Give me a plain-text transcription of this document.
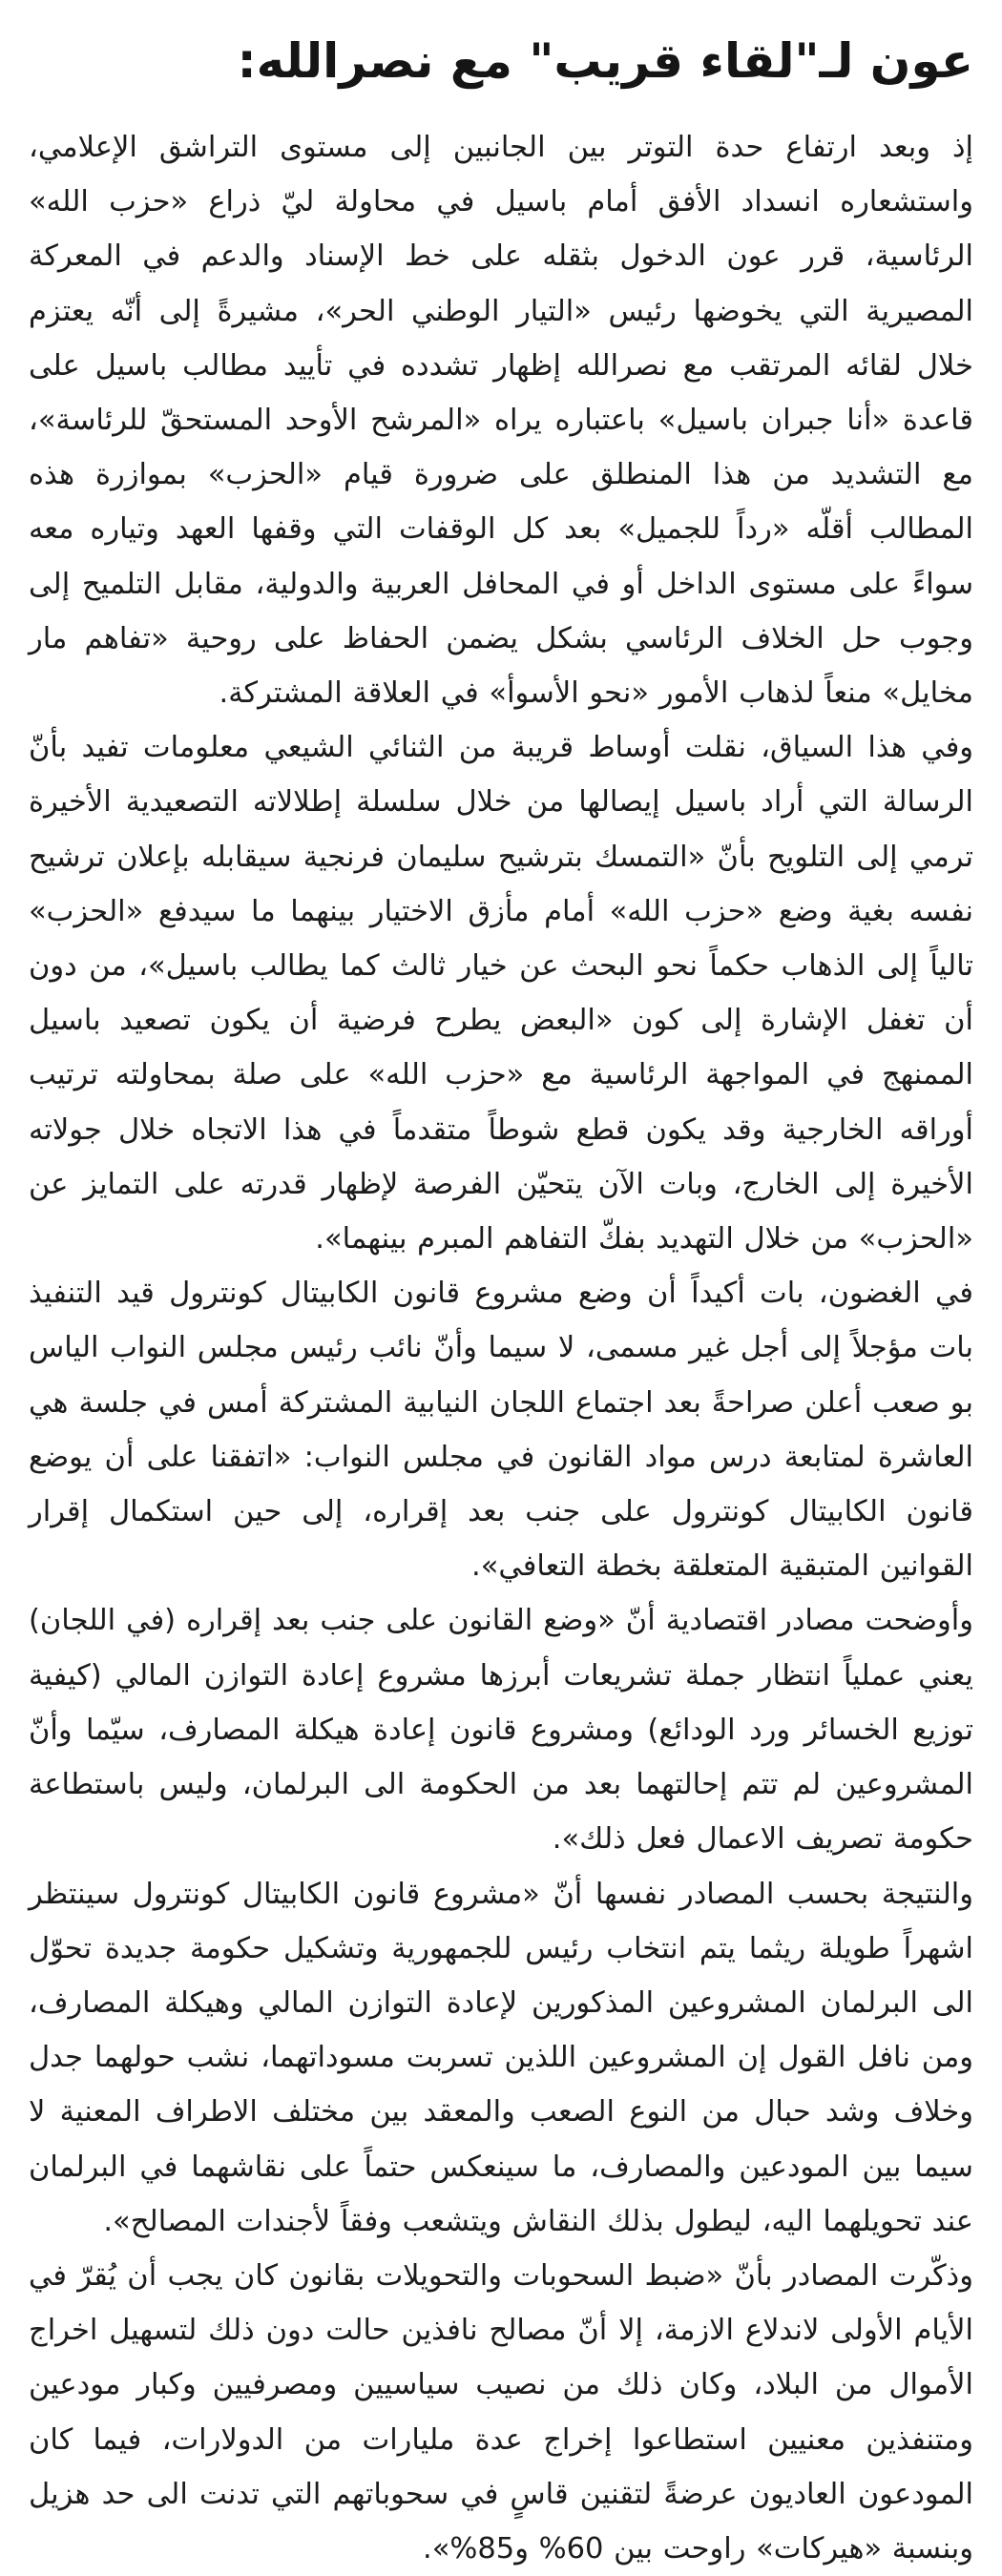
عون لـ"لقاء قريب" مع نصرالله:

إذ وبعد ارتفاع حدة التوتر بين الجانبين إلى مستوى التراشق الإعلامي، واستشعاره انسداد الأفق أمام باسيل في محاولة ليّ ذراع «حزب الله» الرئاسية، قرر عون الدخول بثقله على خط الإسناد والدعم في المعركة المصيرية التي يخوضها رئيس «التيار الوطني الحر»، مشيرةً إلى أنّه يعتزم خلال لقائه المرتقب مع نصرالله إظهار تشدده في تأييد مطالب باسيل على قاعدة «أنا جبران باسيل» باعتباره يراه «المرشح الأوحد المستحقّ للرئاسة»، مع التشديد من هذا المنطلق على ضرورة قيام «الحزب» بموازرة هذه المطالب أقلّه «رداً للجميل» بعد كل الوقفات التي وقفها العهد وتياره معه سواءً على مستوى الداخل أو في المحافل العربية والدولية، مقابل التلميح إلى وجوب حل الخلاف الرئاسي بشكل يضمن الحفاظ على روحية «تفاهم مار مخايل» منعاً لذهاب الأمور «نحو الأسوأ» في العلاقة المشتركة.

وفي هذا السياق، نقلت أوساط قريبة من الثنائي الشيعي معلومات تفيد بأنّ الرسالة التي أراد باسيل إيصالها من خلال سلسلة إطلالاته التصعيدية الأخيرة ترمي إلى التلويح بأنّ «التمسك بترشيح سليمان فرنجية سيقابله بإعلان ترشيح نفسه بغية وضع «حزب الله» أمام مأزق الاختيار بينهما ما سيدفع «الحزب» تالياً إلى الذهاب حكماً نحو البحث عن خيار ثالث كما يطالب باسيل»، من دون أن تغفل الإشارة إلى كون «البعض يطرح فرضية أن يكون تصعيد باسيل الممنهج في المواجهة الرئاسية مع «حزب الله» على صلة بمحاولته ترتيب أوراقه الخارجية وقد يكون قطع شوطاً متقدماً في هذا الاتجاه خلال جولاته الأخيرة إلى الخارج، وبات الآن يتحيّن الفرصة لإظهار قدرته على التمايز عن «الحزب» من خلال التهديد بفكّ التفاهم المبرم بينهما».

في الغضون، بات أكيداً أن وضع مشروع قانون الكابيتال كونترول قيد التنفيذ بات مؤجلاً إلى أجل غير مسمى، لا سيما وأنّ نائب رئيس مجلس النواب الياس بو صعب أعلن صراحةً بعد اجتماع اللجان النيابية المشتركة أمس في جلسة هي العاشرة لمتابعة درس مواد القانون في مجلس النواب: «اتفقنا على أن يوضع قانون الكابيتال كونترول على جنب بعد إقراره، إلى حين استكمال إقرار القوانين المتبقية المتعلقة بخطة التعافي».

وأوضحت مصادر اقتصادية أنّ «وضع القانون على جنب بعد إقراره (في اللجان) يعني عملياً انتظار جملة تشريعات أبرزها مشروع إعادة التوازن المالي (كيفية توزيع الخسائر ورد الودائع) ومشروع قانون إعادة هيكلة المصارف، سيّما وأنّ المشروعين لم تتم إحالتهما بعد من الحكومة الى البرلمان، وليس باستطاعة حكومة تصريف الاعمال فعل ذلك».

والنتيجة بحسب المصادر نفسها أنّ «مشروع قانون الكابيتال كونترول سينتظر اشهراً طويلة ريثما يتم انتخاب رئيس للجمهورية وتشكيل حكومة جديدة تحوّل الى البرلمان المشروعين المذكورين لإعادة التوازن المالي وهيكلة المصارف، ومن نافل القول إن المشروعين اللذين تسربت مسوداتهما، نشب حولهما جدل وخلاف وشد حبال من النوع الصعب والمعقد بين مختلف الاطراف المعنية لا سيما بين المودعين والمصارف، ما سينعكس حتماً على نقاشهما في البرلمان عند تحويلهما اليه، ليطول بذلك النقاش ويتشعب وفقاً لأجندات المصالح».

وذكّرت المصادر بأنّ «ضبط السحوبات والتحويلات بقانون كان يجب أن يُقرّ في الأيام الأولى لاندلاع الازمة، إلا أنّ مصالح نافذين حالت دون ذلك لتسهيل اخراج الأموال من البلاد، وكان ذلك من نصيب سياسيين ومصرفيين وكبار مودعين ومتنفذين معنيين استطاعوا إخراج عدة مليارات من الدولارات، فيما كان المودعون العاديون عرضةً لتقنين قاسٍ في سحوباتهم التي تدنت الى حد هزيل وبنسبة «هيركات» راوحت بين 60% و85%».
